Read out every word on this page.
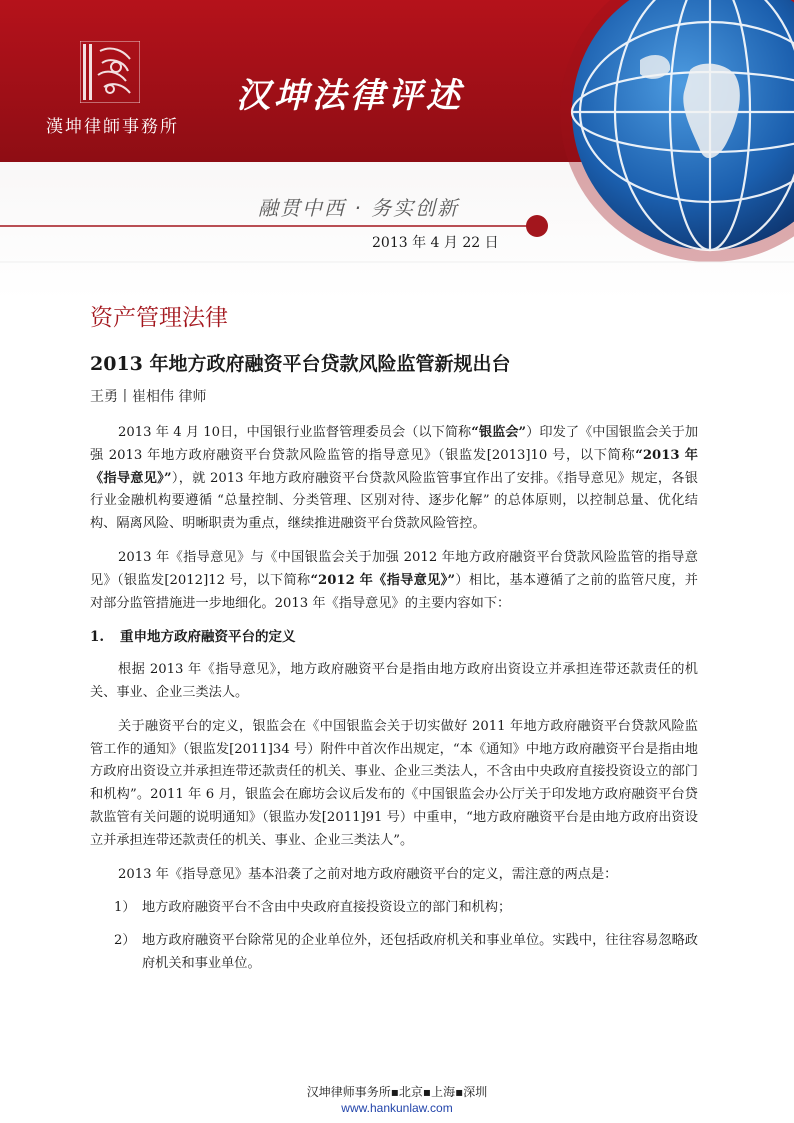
漢坤律師事務所
汉坤法律评述
融贯中西 · 务实创新
2013 年 4 月 22 日
资产管理法律
2013 年地方政府融资平台贷款风险监管新规出台
王勇丨崔相伟 律师

2013 年 4 月 10日，中国银行业监督管理委员会（以下简称“银监会”）印发了《中国银监会关于加强 2013 年地方政府融资平台贷款风险监管的指导意见》（银监发[2013]10 号，以下简称“2013 年《指导意见》”），就 2013 年地方政府融资平台贷款风险监管事宜作出了安排。《指导意见》规定，各银行业金融机构要遵循 “总量控制、分类管理、区别对待、逐步化解” 的总体原则，以控制总量、优化结构、隔离风险、明晰职责为重点，继续推进融资平台贷款风险管控。

2013 年《指导意见》与《中国银监会关于加强 2012 年地方政府融资平台贷款风险监管的指导意见》（银监发[2012]12 号，以下简称“2012 年《指导意见》”）相比，基本遵循了之前的监管尺度，并对部分监管措施进一步地细化。2013 年《指导意见》的主要内容如下：

1. 重申地方政府融资平台的定义

根据 2013 年《指导意见》，地方政府融资平台是指由地方政府出资设立并承担连带还款责任的机关、事业、企业三类法人。

关于融资平台的定义，银监会在《中国银监会关于切实做好 2011 年地方政府融资平台贷款风险监管工作的通知》（银监发[2011]34 号）附件中首次作出规定，“本《通知》中地方政府融资平台是指由地方政府出资设立并承担连带还款责任的机关、事业、企业三类法人，不含由中央政府直接投资设立的部门和机构”。2011 年 6 月，银监会在廊坊会议后发布的《中国银监会办公厅关于印发地方政府融资平台贷款监管有关问题的说明通知》（银监办发[2011]91 号）中重申，“地方政府融资平台是由地方政府出资设立并承担连带还款责任的机关、事业、企业三类法人”。

2013 年《指导意见》基本沿袭了之前对地方政府融资平台的定义，需注意的两点是：

1） 地方政府融资平台不含由中央政府直接投资设立的部门和机构；
2） 地方政府融资平台除常见的企业单位外，还包括政府机关和事业单位。实践中，往往容易忽略政府机关和事业单位。
汉坤律师事务所▪北京▪上海▪深圳
www.hankunlaw.com
